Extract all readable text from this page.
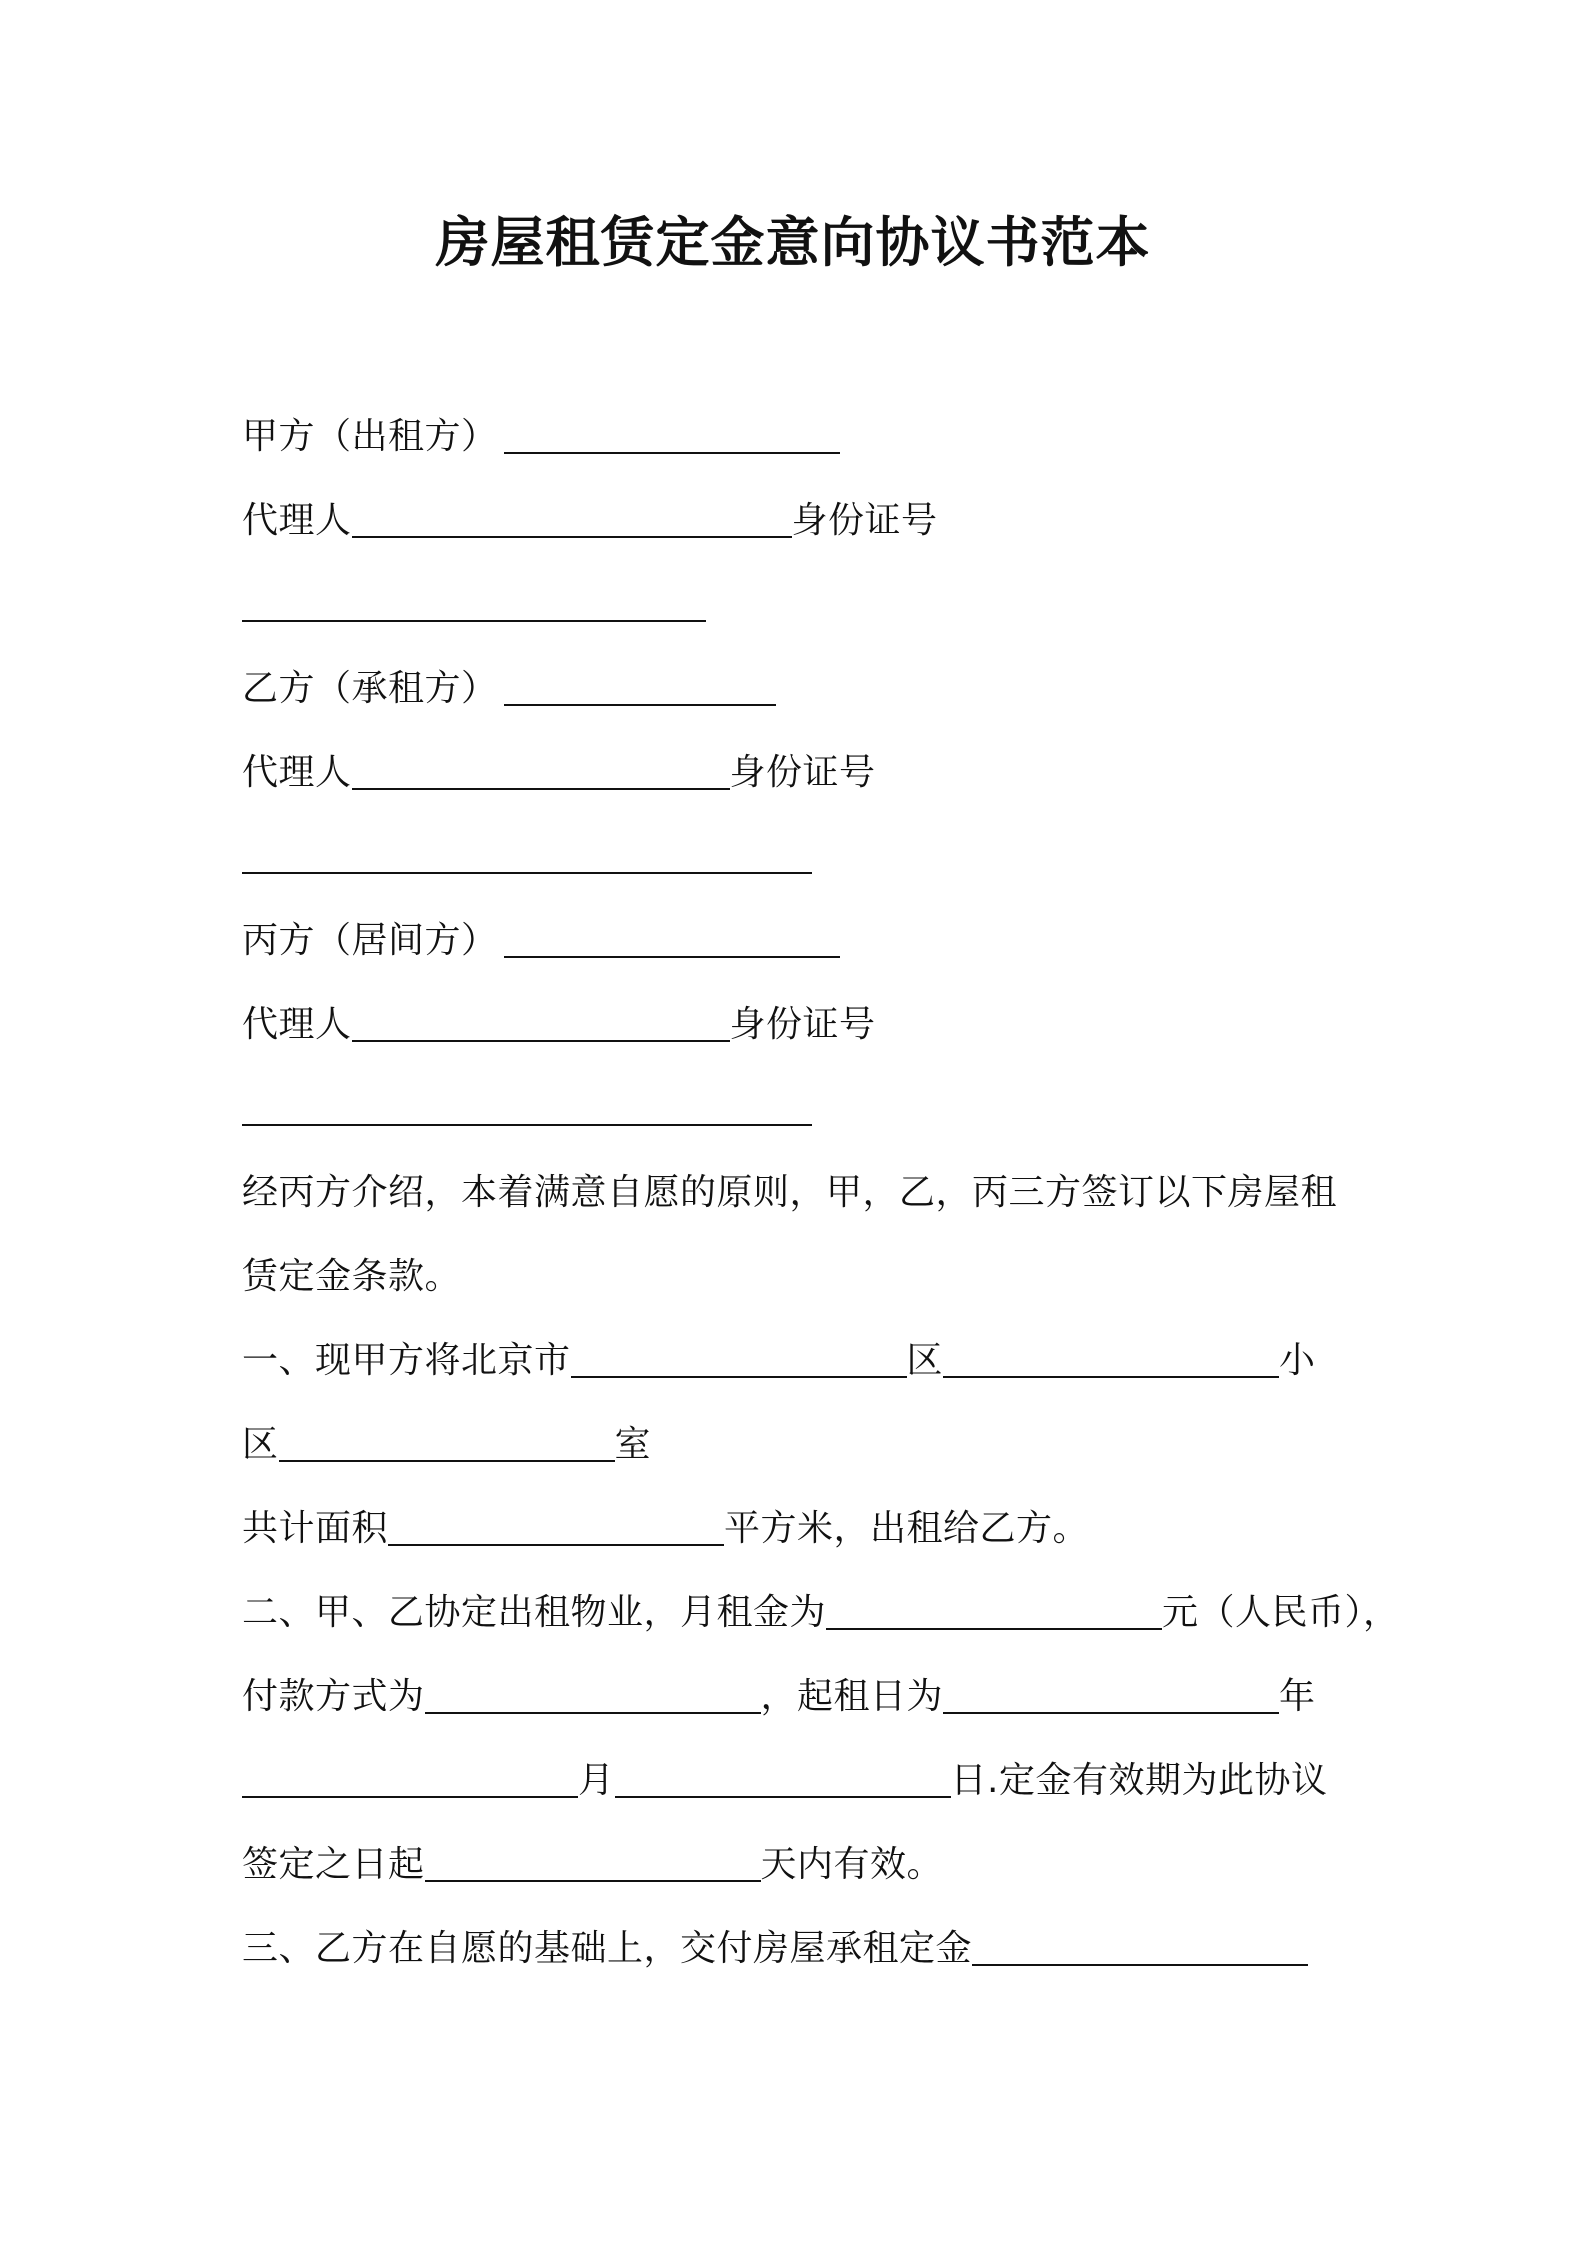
房屋租赁定金意向协议书范本
甲方（出租方）
代理人	身份证号
乙方（承租方）
代理人	身份证号
丙方（居间方）
代理人	身份证号
经丙方介绍，本着满意自愿的原则，甲，乙，丙三方签订以下房屋租
赁定金条款。
一、现甲方将北京市	区	小
区	室
共计面积	平方米，出租给乙方。
二、甲、乙协定出租物业，月租金为	元（人民币），
付款方式为	，起租日为	年
月	日.定金有效期为此协议
签定之日起	天内有效。
三、乙方在自愿的基础上，交付房屋承租定金
